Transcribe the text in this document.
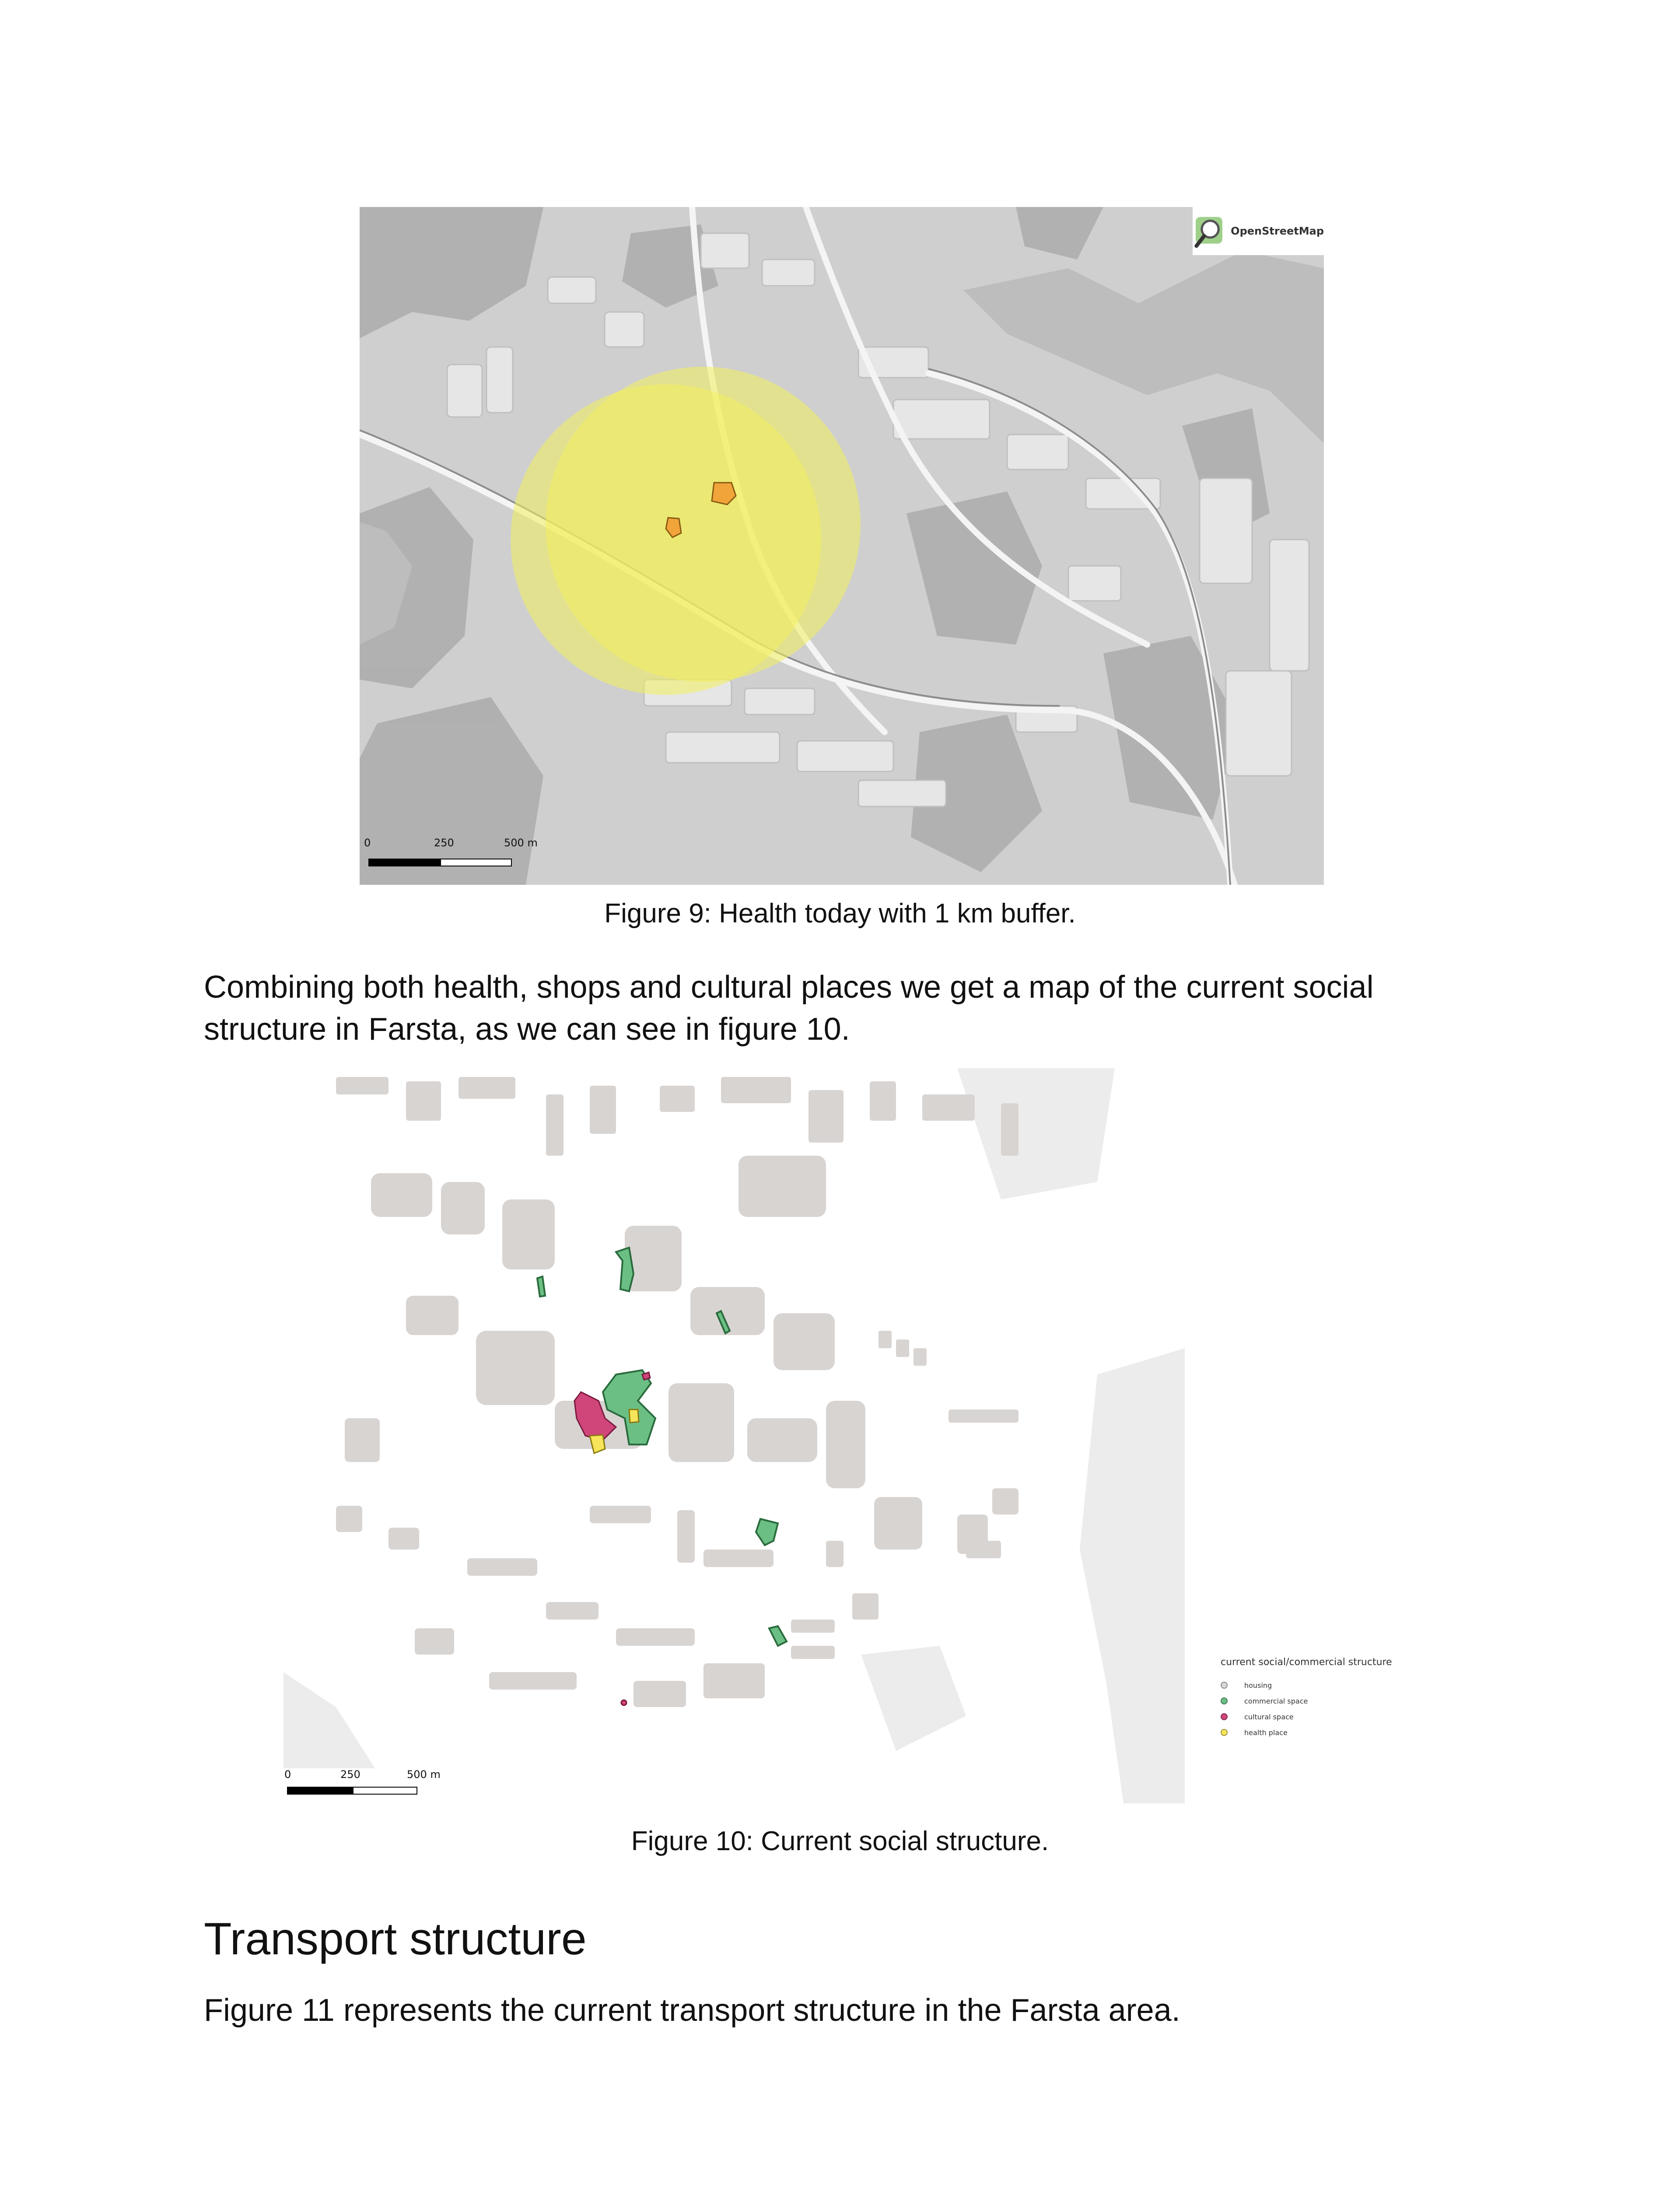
OpenStreetMap
0	250	500 m
Figure 9: Health today with 1 km buffer.
Combining both health, shops and cultural places we get a map of the current social structure in Farsta, as we can see in figure 10.
0	250	500 m
current social/commercial structure
housing
commercial space
cultural space
health place
Figure 10: Current social structure.
Transport structure
Figure 11 represents the current transport structure in the Farsta area.
